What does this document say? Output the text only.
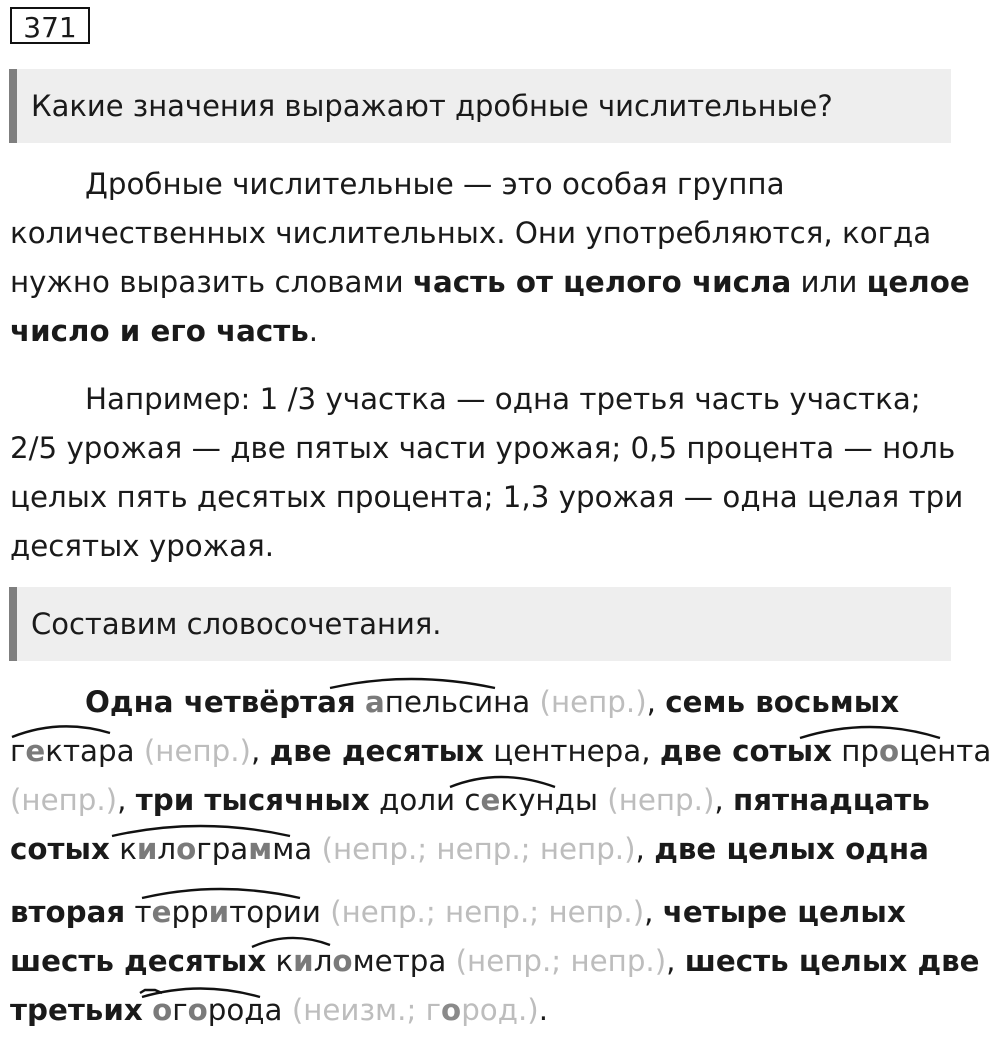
371
Какие значения выражают дробные числительные?
Дробные числительные — это особая группа
количественных числительных. Они употребляются, когда
нужно выразить словами часть от целого числа или целое
число и его часть.
Например: 1 /3 участка — одна третья часть участка;
2/5 урожая — две пятых части урожая; 0,5 процента — ноль
целых пять десятых процента; 1,3 урожая — одна целая три
десятых урожая.
Составим словосочетания.
Одна четвёртая апельсина (непр.), семь восьмых
гектара (непр.), две десятых центнера, две сотых процента
(непр.), три тысячных доли секунды (непр.), пятнадцать
сотых килограмма (непр.; непр.; непр.), две целых одна
вторая территории (непр.; непр.; непр.), четыре целых
шесть десятых километра (непр.; непр.), шесть целых две
третьих огорода (неизм.; город.).
